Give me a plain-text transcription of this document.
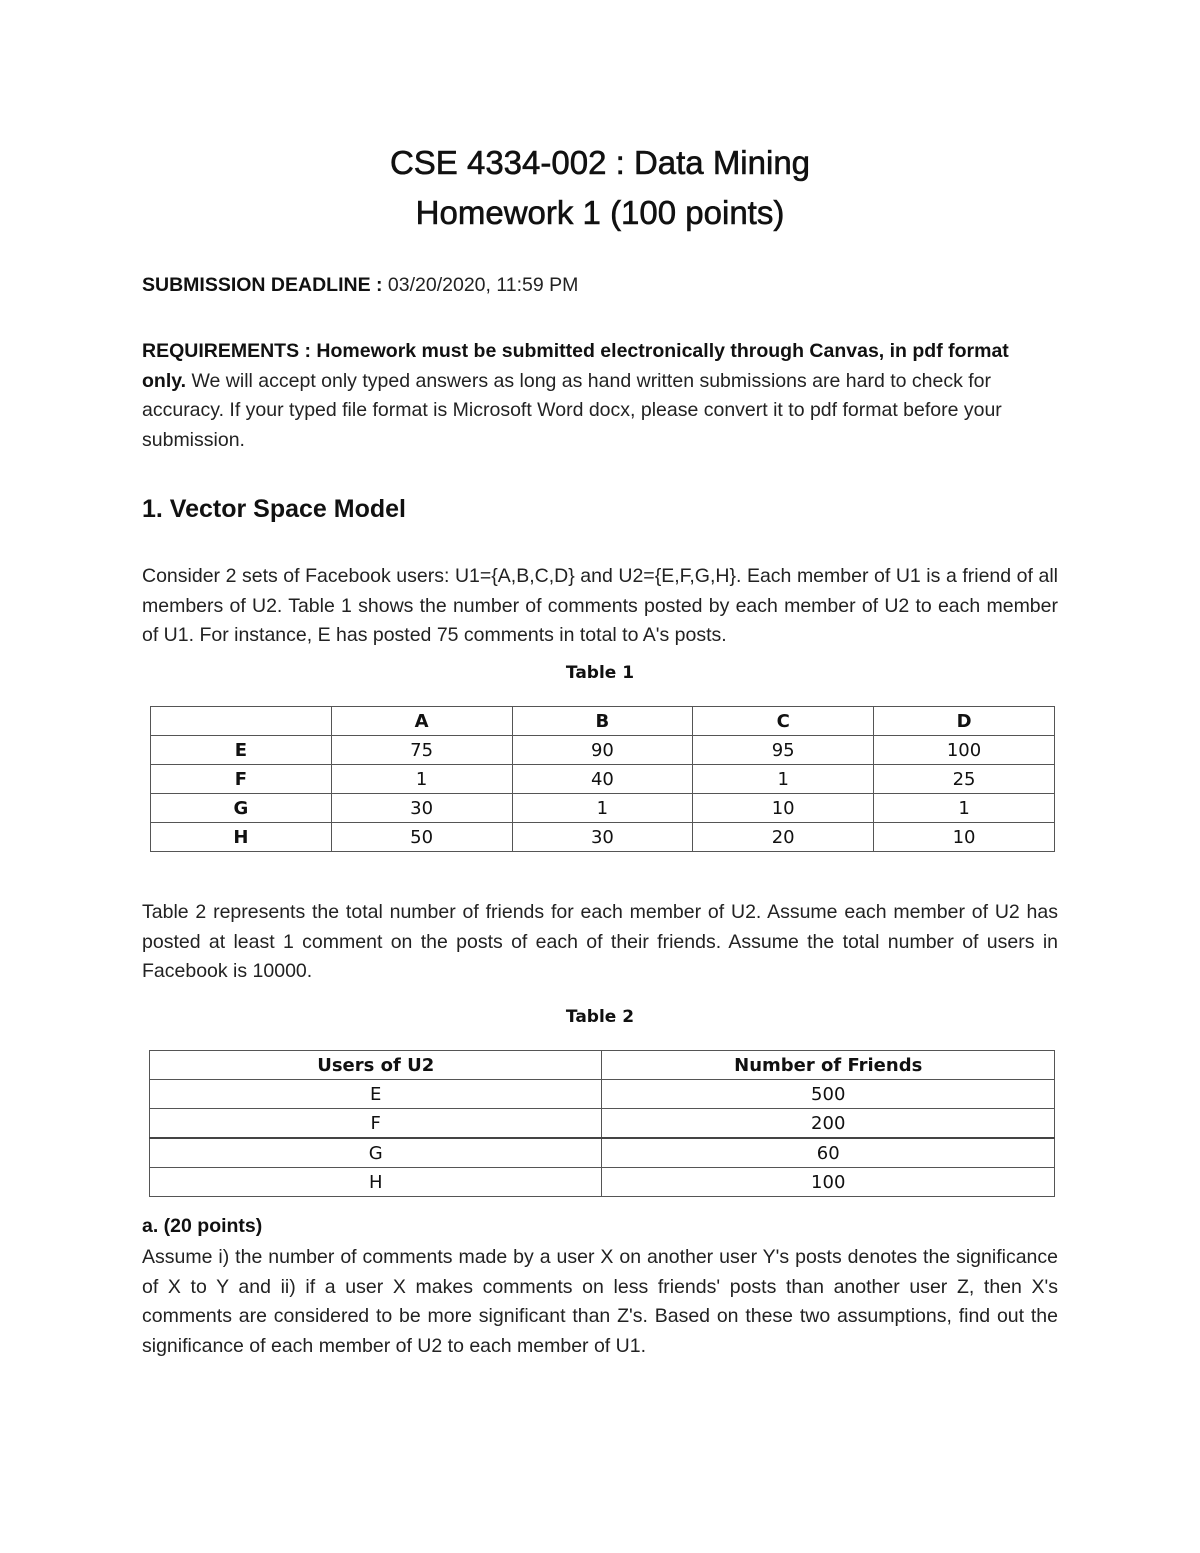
CSE 4334-002 : Data Mining
Homework 1 (100 points)
SUBMISSION DEADLINE : 03/20/2020, 11:59 PM
REQUIREMENTS : Homework must be submitted electronically through Canvas, in pdf format only. We will accept only typed answers as long as hand written submissions are hard to check for accuracy. If your typed file format is Microsoft Word docx, please convert it to pdf format before your submission.
1. Vector Space Model
Consider 2 sets of Facebook users: U1={A,B,C,D} and U2={E,F,G,H}. Each member of U1 is a friend of all members of U2. Table 1 shows the number of comments posted by each member of U2 to each member of U1. For instance, E has posted 75 comments in total to A's posts.
Table 1
	A	B	C	D
E	75	90	95	100
F	1	40	1	25
G	30	1	10	1
H	50	30	20	10
Table 2 represents the total number of friends for each member of U2. Assume each member of U2 has posted at least 1 comment on the posts of each of their friends. Assume the total number of users in Facebook is 10000.
Table 2
Users of U2	Number of Friends
E	500
F	200
G	60
H	100
a. (20 points)
Assume i) the number of comments made by a user X on another user Y's posts denotes the significance of X to Y and ii) if a user X makes comments on less friends' posts than another user Z, then X's comments are considered to be more significant than Z's. Based on these two assumptions, find out the significance of each member of U2 to each member of U1.
